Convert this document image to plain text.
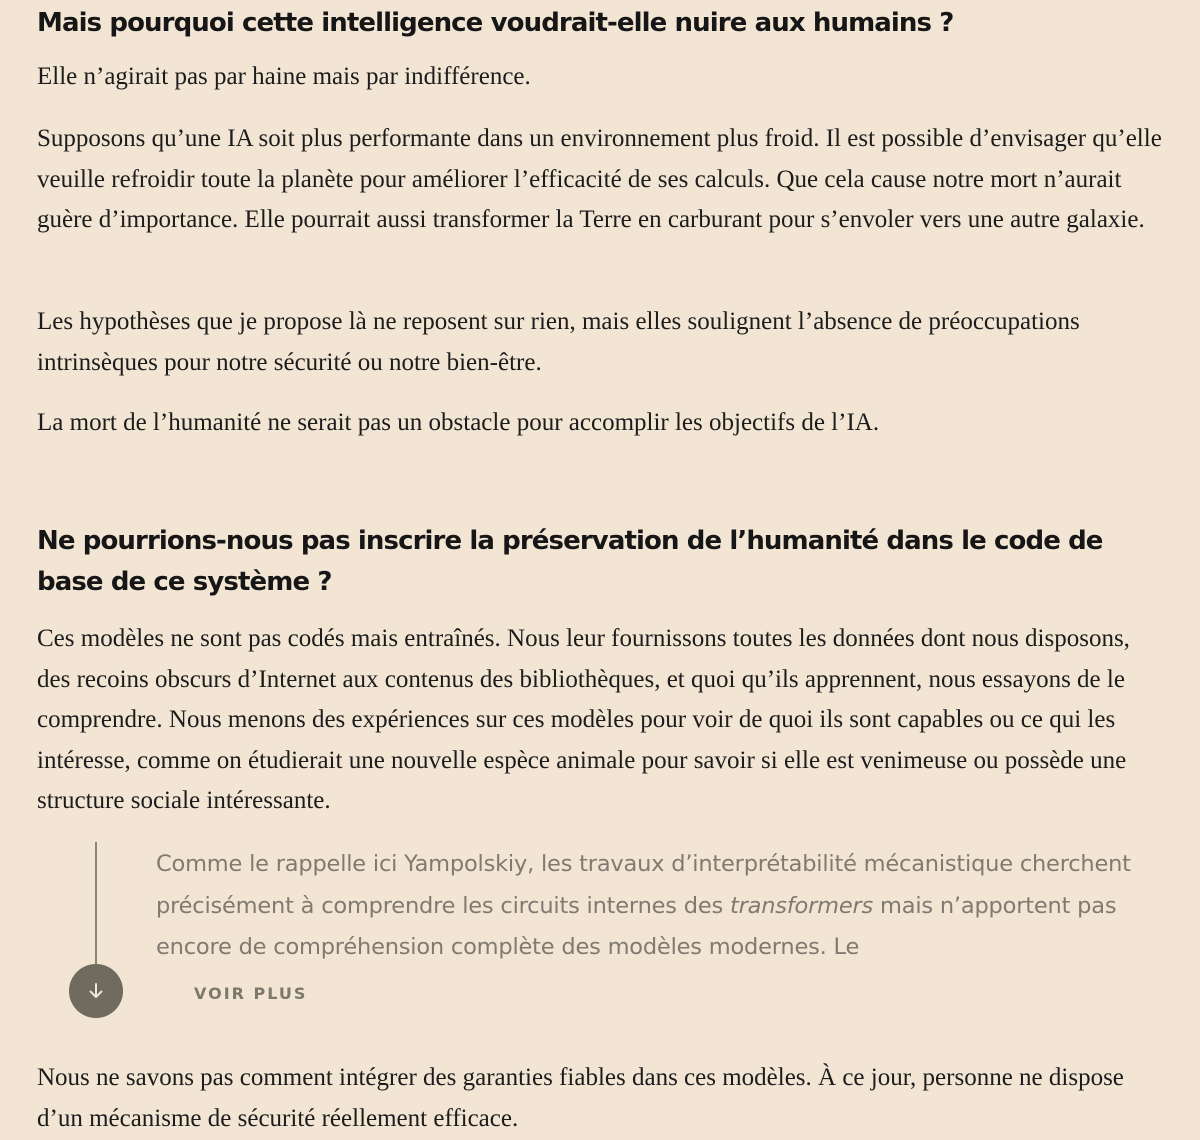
Mais pourquoi cette intelligence voudrait-elle nuire aux humains ?

Elle n’agirait pas par haine mais par indifférence.

Supposons qu’une IA soit plus performante dans un environnement plus froid. Il est possible d’envisager qu’elle veuille refroidir toute la planète pour améliorer l’efficacité de ses calculs. Que cela cause notre mort n’aurait guère d’importance. Elle pourrait aussi transformer la Terre en carburant pour s’envoler vers une autre galaxie.

Les hypothèses que je propose là ne reposent sur rien, mais elles soulignent l’absence de préoccupations intrinsèques pour notre sécurité ou notre bien-être.

La mort de l’humanité ne serait pas un obstacle pour accomplir les objectifs de l’IA.

Ne pourrions-nous pas inscrire la préservation de l’humanité dans le code de base de ce système ?

Ces modèles ne sont pas codés mais entraînés. Nous leur fournissons toutes les données dont nous disposons, des recoins obscurs d’Internet aux contenus des bibliothèques, et quoi qu’ils apprennent, nous essayons de le comprendre. Nous menons des expériences sur ces modèles pour voir de quoi ils sont capables ou ce qui les intéresse, comme on étudierait une nouvelle espèce animale pour savoir si elle est venimeuse ou possède une structure sociale intéressante.

Comme le rappelle ici Yampolskiy, les travaux d’interprétabilité mécanistique cherchent précisément à comprendre les circuits internes des transformers mais n’apportent pas encore de compréhension complète des modèles modernes. Le
VOIR PLUS

Nous ne savons pas comment intégrer des garanties fiables dans ces modèles. À ce jour, personne ne dispose d’un mécanisme de sécurité réellement efficace.
